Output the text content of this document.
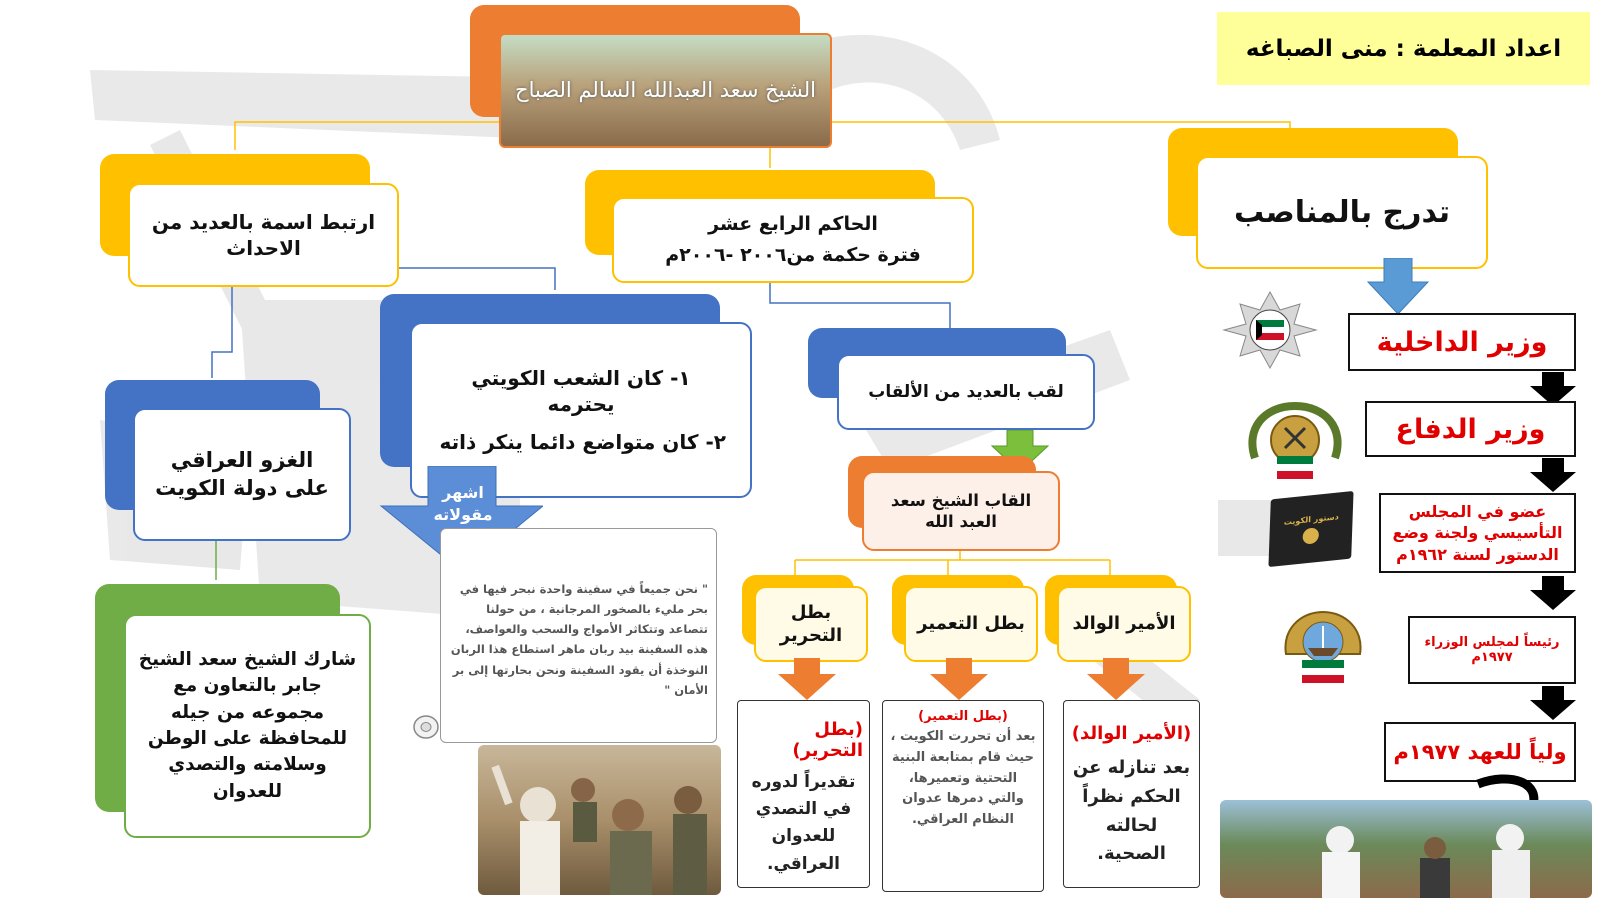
اعداد المعلمة : منى الصباغه
الشيخ سعد العبدالله السالم الصباح
ارتبط اسمة بالعديد من الاحداث
الغزو العراقي على دولة الكويت
شارك الشيخ سعد الشيخ جابر بالتعاون مع مجموعه من جيله للمحافظة على الوطن وسلامته والتصدي للعدوان
١- كان الشعب الكويتي يحترمه
٢- كان متواضع دائما ينكر ذاته
اشهر مقولاته
" نحن جميعاً في سفينة واحدة نبحر فيها في بحر مليء بالصخور المرجانية ، من حولنا تتصاعد وتتكاثر الأمواج والسحب والعواصف، هذه السفينة بيد ربان ماهر استطاع هذا الربان النوخذة أن يقود السفينة ونحن بحارتها إلى بر الأمان "
الحاكم الرابع عشر
فترة حكمة من٢٠٠٦ -٢٠٠٦م
لقب بالعديد من الألقاب
القاب الشيخ سعد العبد الله
بطل التحرير
بطل التعمير	الأمير الوالد
(بطل التحرير)
تقديراً لدوره في التصدي للعدوان العراقي.
(بطل التعمير)
بعد أن تحررت الكويت ، حيث قام بمتابعة البنية التحتية وتعميرها، والتي دمرها عدوان النظام العراقي.
(الأمير الوالد)
بعد تنازله عن الحكم نظراً لحالته الصحية.
تدرج بالمناصب
وزير الداخلية
وزير الدفاع
دستور الكويت	عضو في المجلس التأسيسي ولجنة وضع الدستور لسنة ١٩٦٢م
رئيساً لمجلس الوزراء ١٩٧٧م
ولياً للعهد ١٩٧٧م
